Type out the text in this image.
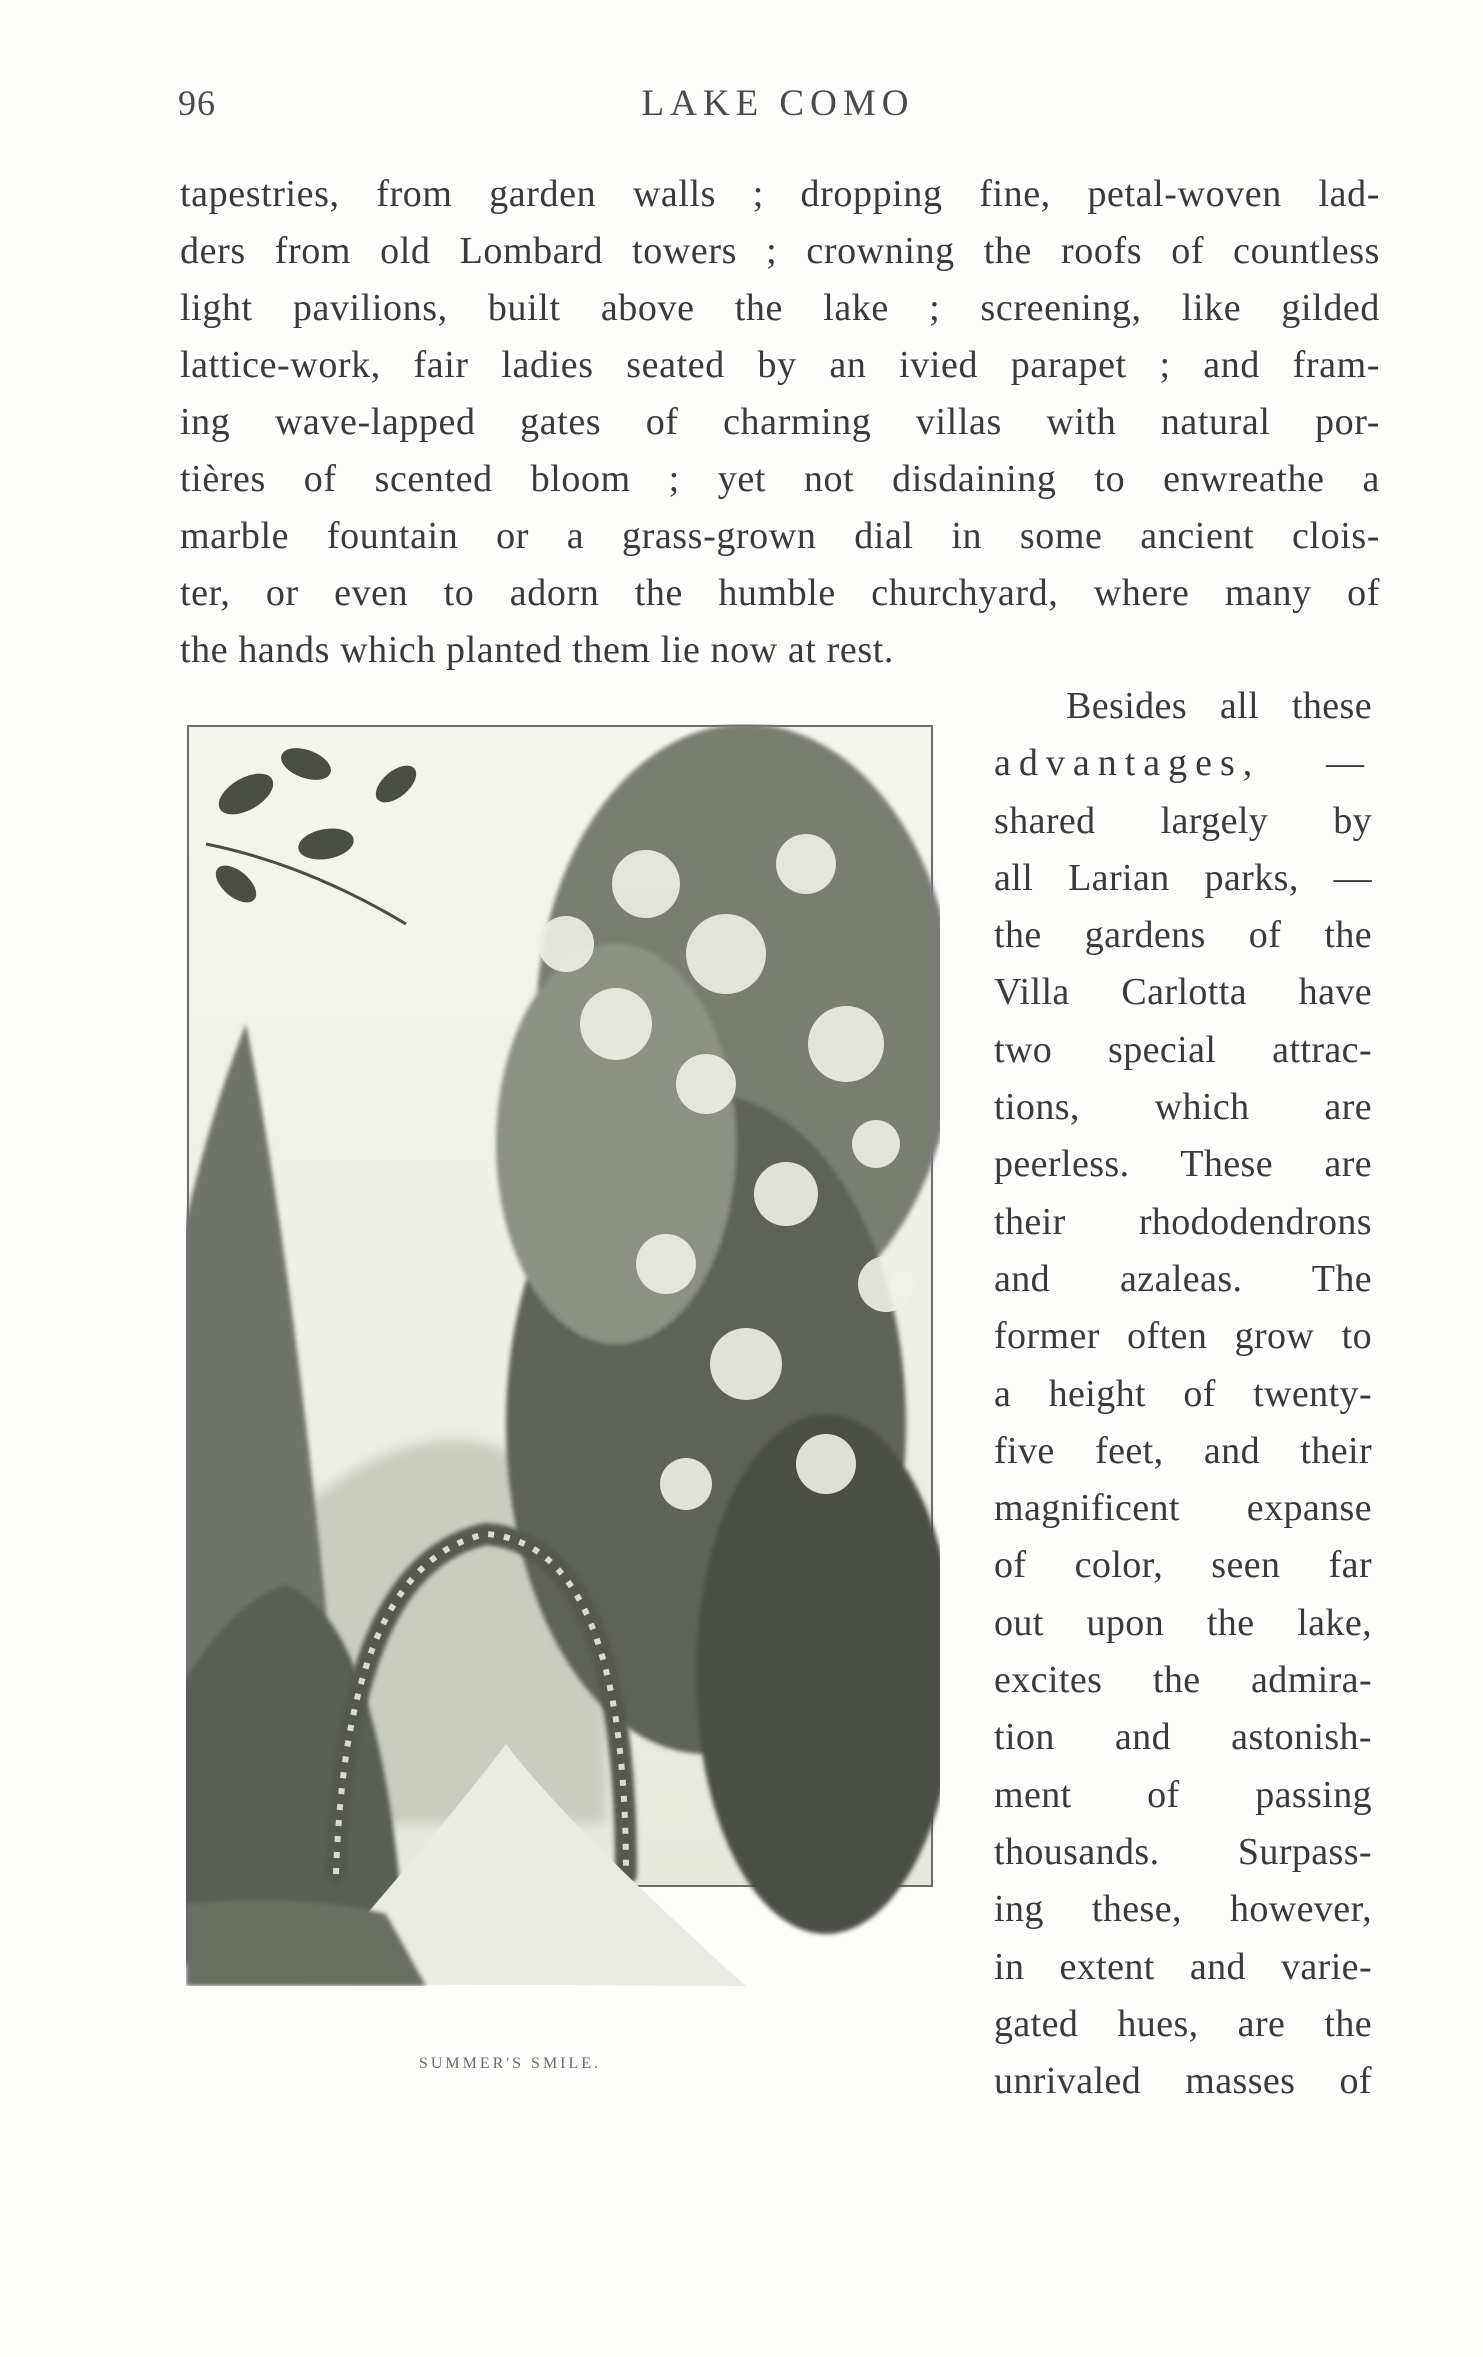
96	LAKE COMO
tapestries, from garden walls ; dropping fine, petal-woven lad-
ders from old Lombard towers ; crowning the roofs of countless
light pavilions, built above the lake ; screening, like gilded
lattice-work, fair ladies seated by an ivied parapet ; and fram-
ing wave-lapped gates of charming villas with natural por-
tières of scented bloom ; yet not disdaining to enwreathe a
marble fountain or a grass-grown dial in some ancient clois-
ter, or even to adorn the humble churchyard, where many of
the hands which planted them lie now at rest.
SUMMER'S SMILE.
Besides all these
advantages, —
shared largely by
all Larian parks, —
the gardens of the
Villa Carlotta have
two special attrac-
tions, which are
peerless. These are
their rhododendrons
and azaleas. The
former often grow to
a height of twenty-
five feet, and their
magnificent expanse
of color, seen far
out upon the lake,
excites the admira-
tion and astonish-
ment of passing
thousands. Surpass-
ing these, however,
in extent and varie-
gated hues, are the
unrivaled masses of
